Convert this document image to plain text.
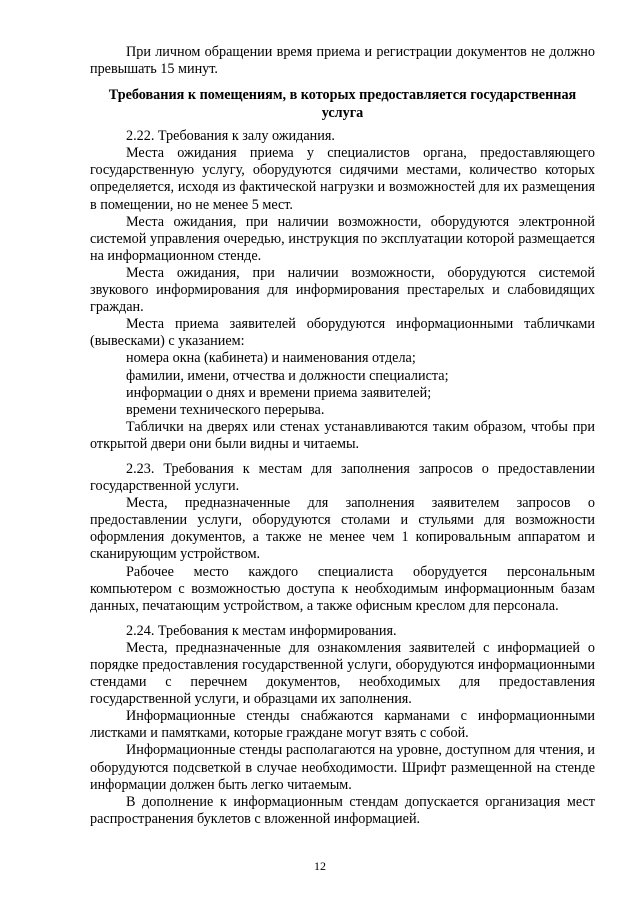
При личном обращении время приема и регистрации документов не должно превышать 15 минут.

Требования к помещениям, в которых предоставляется государственная услуга

2.22. Требования к залу ожидания.

Места ожидания приема у специалистов органа, предоставляющего государственную услугу, оборудуются сидячими местами, количество которых определяется, исходя из фактической нагрузки и возможностей для их размещения в помещении, но не менее 5 мест.

Места ожидания, при наличии возможности, оборудуются электронной системой управления очередью, инструкция по эксплуатации которой размещается на информационном стенде.

Места ожидания, при наличии возможности, оборудуются системой звукового информирования для информирования престарелых и слабовидящих граждан.

Места приема заявителей оборудуются информационными табличками (вывесками) с указанием:

номера окна (кабинета) и наименования отдела;

фамилии, имени, отчества и должности специалиста;

информации о днях и времени приема заявителей;

времени технического перерыва.

Таблички на дверях или стенах устанавливаются таким образом, чтобы при открытой двери они были видны и читаемы.

2.23. Требования к местам для заполнения запросов о предоставлении государственной услуги.

Места, предназначенные для заполнения заявителем запросов о предоставлении услуги, оборудуются столами и стульями для возможности оформления документов, а также не менее чем 1 копировальным аппаратом и сканирующим устройством.

Рабочее место каждого специалиста оборудуется персональным компьютером с возможностью доступа к необходимым информационным базам данных, печатающим устройством, а также офисным креслом для персонала.

2.24. Требования к местам информирования.

Места, предназначенные для ознакомления заявителей с информацией о порядке предоставления государственной услуги, оборудуются информационными стендами с перечнем документов, необходимых для предоставления государственной услуги, и образцами их заполнения.

Информационные стенды снабжаются карманами с информационными листками и памятками, которые граждане могут взять с собой.

Информационные стенды располагаются на уровне, доступном для чтения, и оборудуются подсветкой в случае необходимости. Шрифт размещенной на стенде информации должен быть легко читаемым.

В дополнение к информационным стендам допускается организация мест распространения буклетов с вложенной информацией.

12
